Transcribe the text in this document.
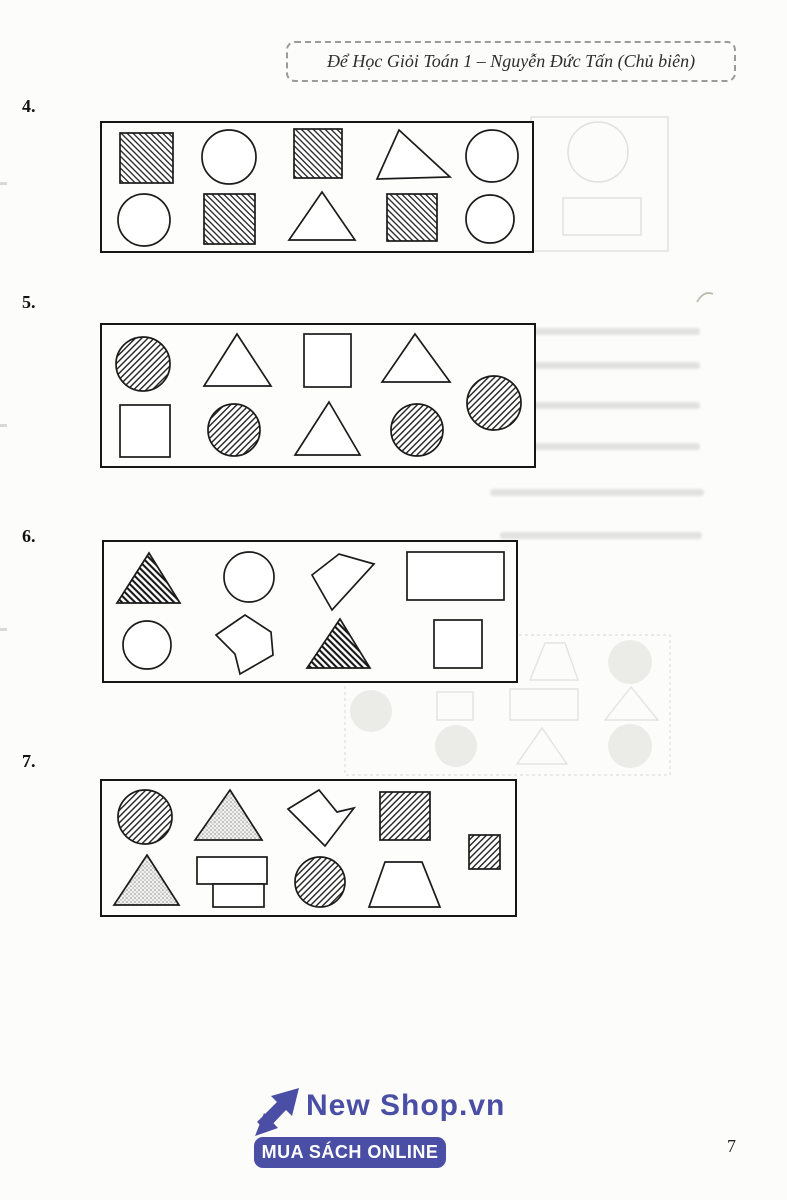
Để Học Giỏi Toán 1 – Nguyễn Đức Tấn (Chủ biên)
4.
5.
6.
7.
New Shop.vn
MUA SÁCH ONLINE	7
